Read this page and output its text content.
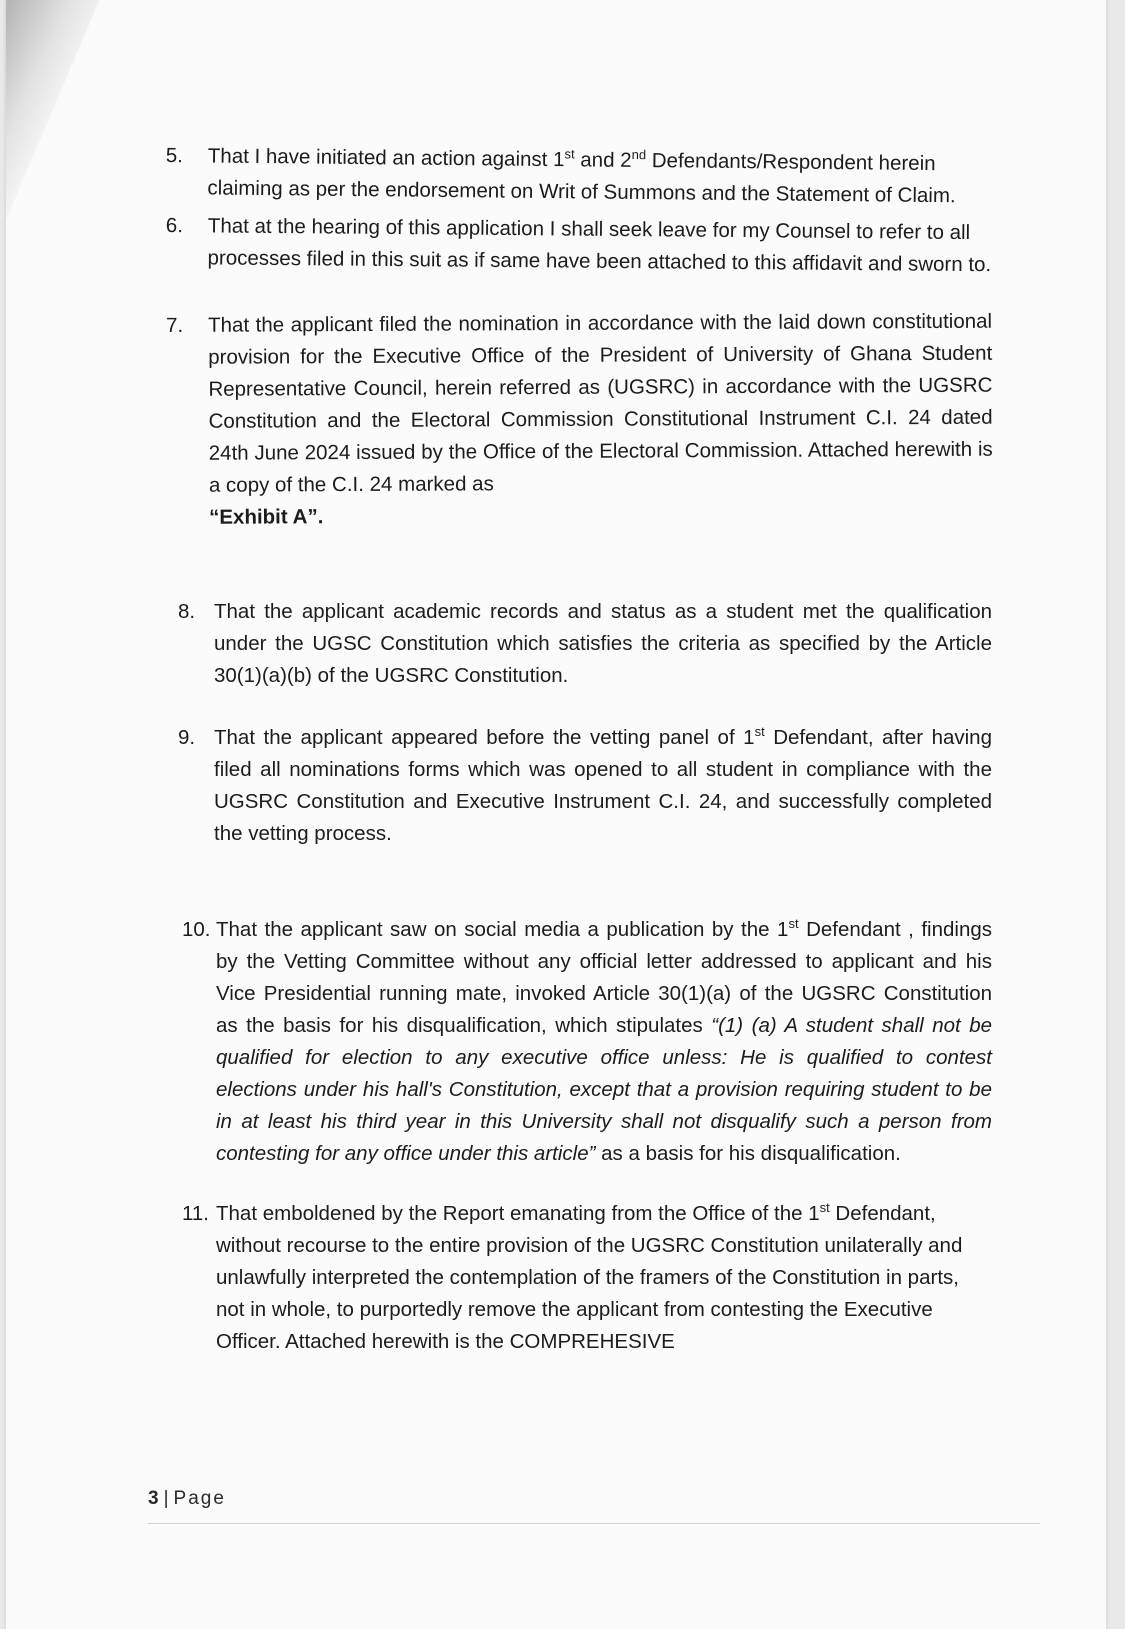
5. That I have initiated an action against 1st and 2nd Defendants/Respondent herein claiming as per the endorsement on Writ of Summons and the Statement of Claim.
6. That at the hearing of this application I shall seek leave for my Counsel to refer to all processes filed in this suit as if same have been attached to this affidavit and sworn to.
7. That the applicant filed the nomination in accordance with the laid down constitutional provision for the Executive Office of the President of University of Ghana Student Representative Council, herein referred as (UGSRC) in accordance with the UGSRC Constitution and the Electoral Commission Constitutional Instrument C.I. 24 dated 24th June 2024 issued by the Office of the Electoral Commission. Attached herewith is a copy of the C.I. 24 marked as
“Exhibit A”.
8. That the applicant academic records and status as a student met the qualification under the UGSC Constitution which satisfies the criteria as specified by the Article 30(1)(a)(b) of the UGSRC Constitution.
9. That the applicant appeared before the vetting panel of 1st Defendant, after having filed all nominations forms which was opened to all student in compliance with the UGSRC Constitution and Executive Instrument C.I. 24, and successfully completed the vetting process.
10. That the applicant saw on social media a publication by the 1st Defendant , findings by the Vetting Committee without any official letter addressed to applicant and his Vice Presidential running mate, invoked Article 30(1)(a) of the UGSRC Constitution as the basis for his disqualification, which stipulates “(1) (a) A student shall not be qualified for election to any executive office unless: He is qualified to contest elections under his hall's Constitution, except that a provision requiring student to be in at least his third year in this University shall not disqualify such a person from contesting for any office under this article” as a basis for his disqualification.
11. That emboldened by the Report emanating from the Office of the 1st Defendant, without recourse to the entire provision of the UGSRC Constitution unilaterally and unlawfully interpreted the contemplation of the framers of the Constitution in parts, not in whole, to purportedly remove the applicant from contesting the Executive Officer. Attached herewith is the COMPREHESIVE
3 | Page
